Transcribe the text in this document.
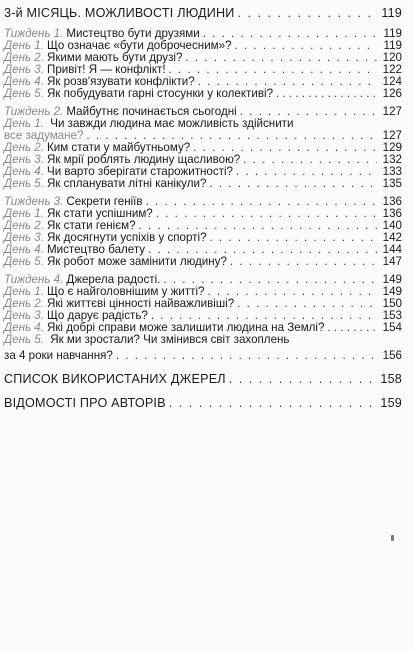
3-й МІСЯЦЬ. МОЖЛИВОСТІ ЛЮДИНИ . . .	119
Тиждень 1. Мистецтво бути друзями . . .	119
День 1. Що означає «бути доброчесним»? . . .	119
День 2. Якими мають бути друзі? . . .	120
День 3. Привіт! Я — конфлікт! . . .	122
День 4. Як розв'язувати конфлікти? . . .	124
День 5. Як побудувати гарні стосунки у колективі? . . .	126
Тиждень 2. Майбутнє починається сьогодні . . .	127
День 1. Чи завжди людина має можливість здійснити
все задумане? . . .	127
День 2. Ким стати у майбутньому? . . .	129
День 3. Як мрії роблять людину щасливою? . . .	132
День 4. Чи варто зберігати старожитності? . . .	133
День 5. Як спланувати літні канікули? . . .	135
Тиждень 3. Секрети геніїв . . .	136
День 1. Як стати успішним? . . .	136
День 2. Як стати генієм? . . .	140
День 3. Як досягнути успіхів у спорті? . . .	142
День 4. Мистецтво балету . . .	144
День 5. Як робот може замінити людину? . . .	147
Тиждень 4. Джерела радості. . . .	149
День 1. Що є найголовнішим у житті? . . .	149
День 2. Які життєві цінності найважливіші? . . .	150
День 3. Що дарує радість? . . .	153
День 4. Які добрі справи може залишити людина на Землі? . . .	154
День 5. Як ми зростали? Чи змінився світ захоплень
за 4 роки навчання? . . .	156
СПИСОК ВИКОРИСТАНИХ ДЖЕРЕЛ . . .	158
ВІДОМОСТІ ПРО АВТОРІВ . . .	159
